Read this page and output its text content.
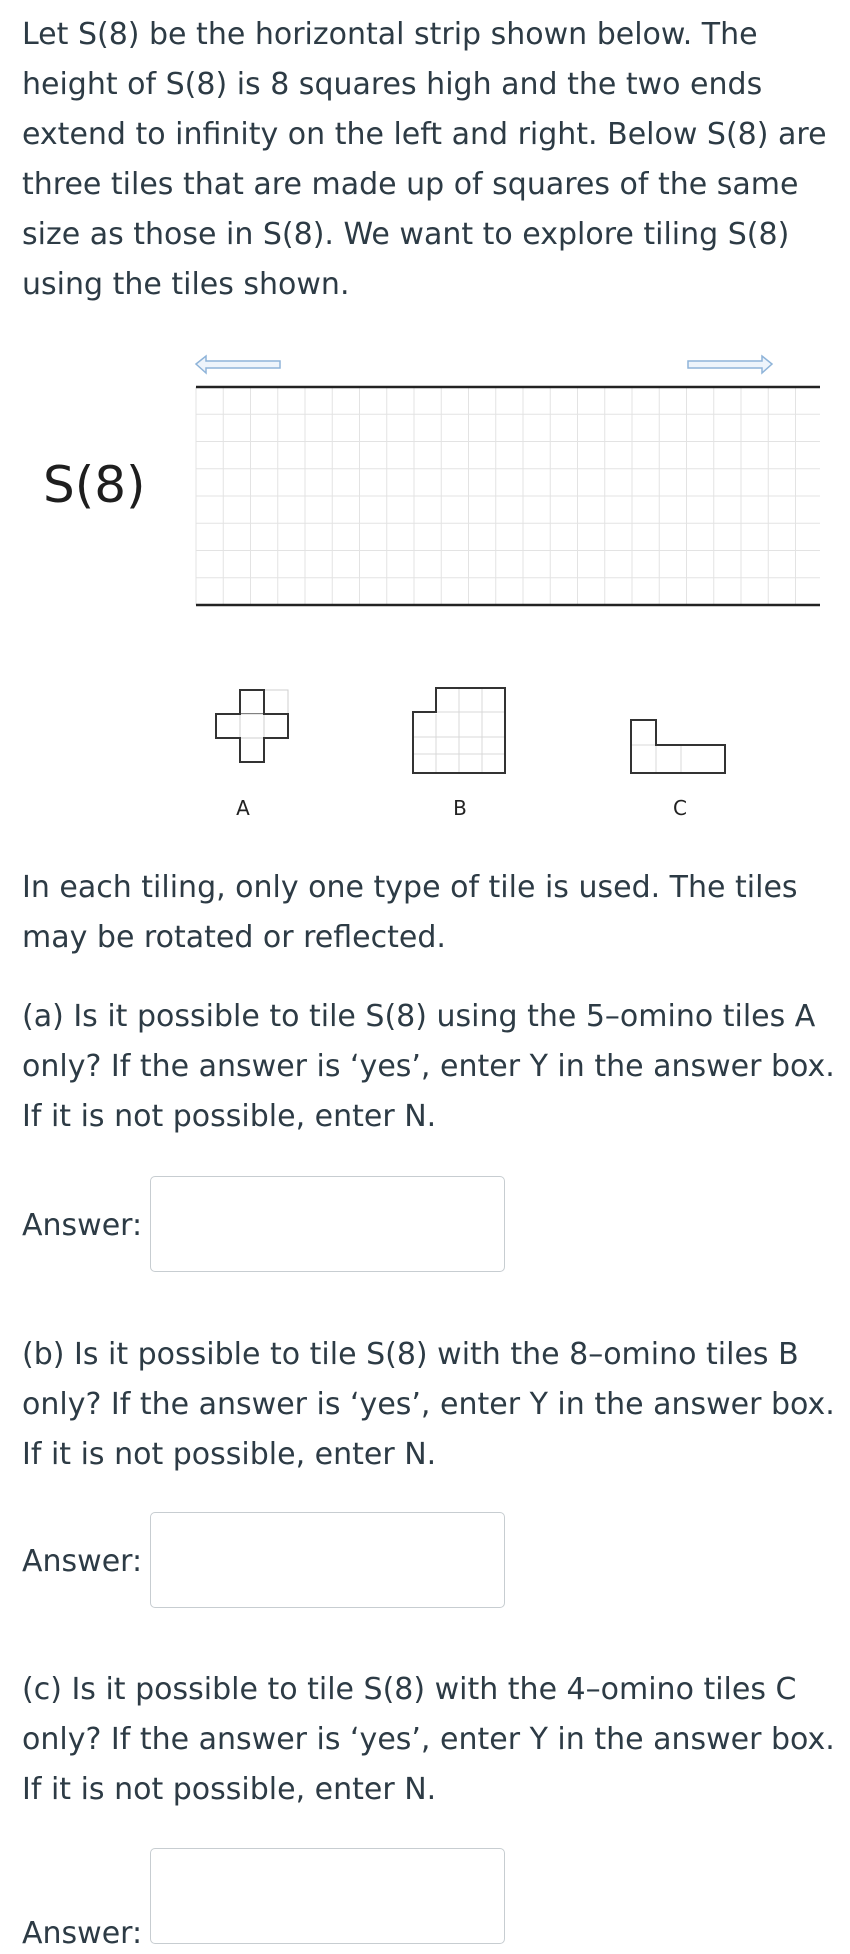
Let S(8) be the horizontal strip shown below. The height of S(8) is 8 squares high and the two ends extend to infinity on the left and right. Below S(8) are three tiles that are made up of squares of the same size as those in S(8). We want to explore tiling S(8) using the tiles shown.

S(8)
A	B	C

In each tiling, only one type of tile is used. The tiles may be rotated or reflected.

(a) Is it possible to tile S(8) using the 5–omino tiles A only? If the answer is ‘yes’, enter Y in the answer box. If it is not possible, enter N.

Answer:

(b) Is it possible to tile S(8) with the 8–omino tiles B only? If the answer is ‘yes’, enter Y in the answer box. If it is not possible, enter N.

Answer:

(c) Is it possible to tile S(8) with the 4–omino tiles C only? If the answer is ‘yes’, enter Y in the answer box. If it is not possible, enter N.

Answer:
